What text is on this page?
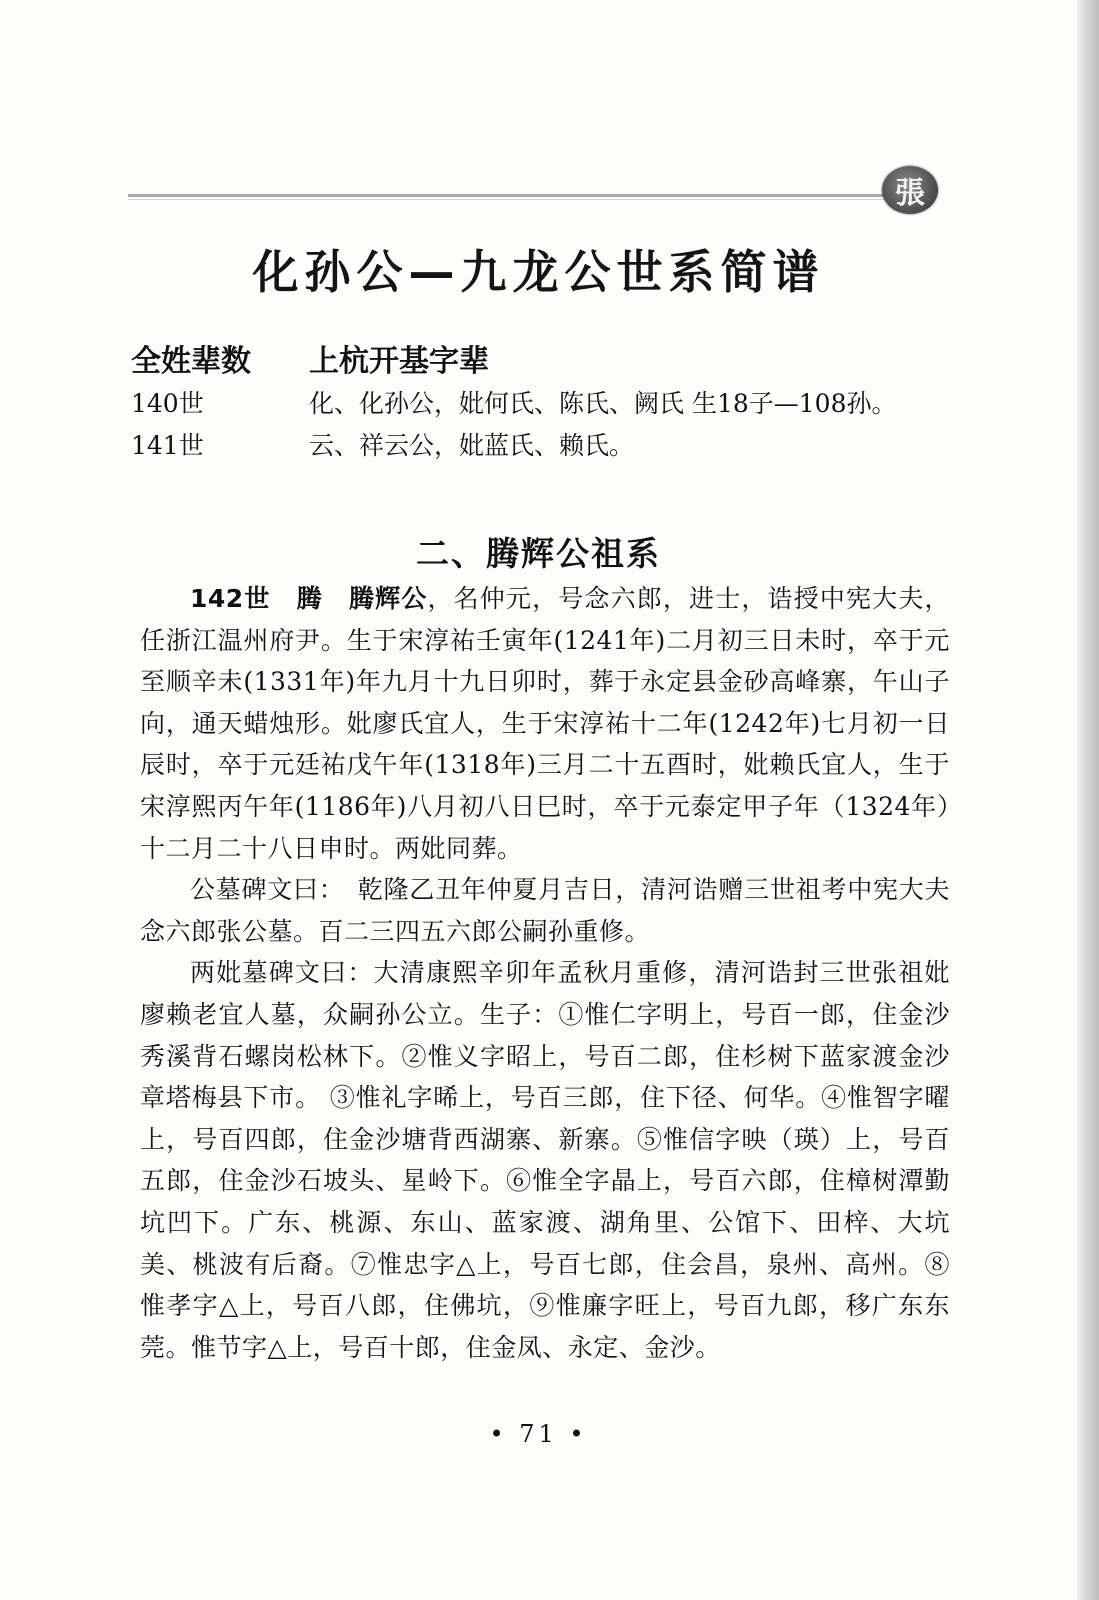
張
化孙公—九龙公世系简谱
全姓辈数 上杭开基字辈
140世	化、化孙公，妣何氏、陈氏、阙氏 生18子—108孙。
141世	云、祥云公，妣蓝氏、赖氏。
二、腾辉公祖系

142世　腾　腾辉公，名仲元，号念六郎，进士，诰授中宪大夫，任浙江温州府尹。生于宋淳祐壬寅年(1241年)二月初三日未时，卒于元至顺辛未(1331年)年九月十九日卯时，葬于永定县金砂高峰寨，午山子向，通天蜡烛形。妣廖氏宜人，生于宋淳祐十二年(1242年)七月初一日辰时，卒于元廷祐戊午年(1318年)三月二十五酉时，妣赖氏宜人，生于宋淳熙丙午年(1186年)八月初八日巳时，卒于元泰定甲子年（1324年）十二月二十八日申时。两妣同葬。

公墓碑文曰：　乾隆乙丑年仲夏月吉日，清河诰赠三世祖考中宪大夫念六郎张公墓。百二三四五六郎公嗣孙重修。

两妣墓碑文曰：大清康熙辛卯年孟秋月重修，清河诰封三世张祖妣廖赖老宜人墓，众嗣孙公立。生子：①惟仁字明上，号百一郎，住金沙秀溪背石螺岗松林下。②惟义字昭上，号百二郎，住杉树下蓝家渡金沙章塔梅县下市。 ③惟礼字晞上，号百三郎，住下径、何华。④惟智字曜上，号百四郎，住金沙塘背西湖寨、新寨。⑤惟信字映（瑛）上，号百五郎，住金沙石坡头、星岭下。⑥惟全字晶上，号百六郎，住樟树潭勤坑凹下。广东、桃源、东山、蓝家渡、湖角里、公馆下、田梓、大坑美、桃波有后裔。⑦惟忠字△上，号百七郎，住会昌，泉州、高州。⑧惟孝字△上，号百八郎，住佛坑，⑨惟廉字旺上，号百九郎，移广东东莞。惟节字△上，号百十郎，住金凤、永定、金沙。

• 71 •
